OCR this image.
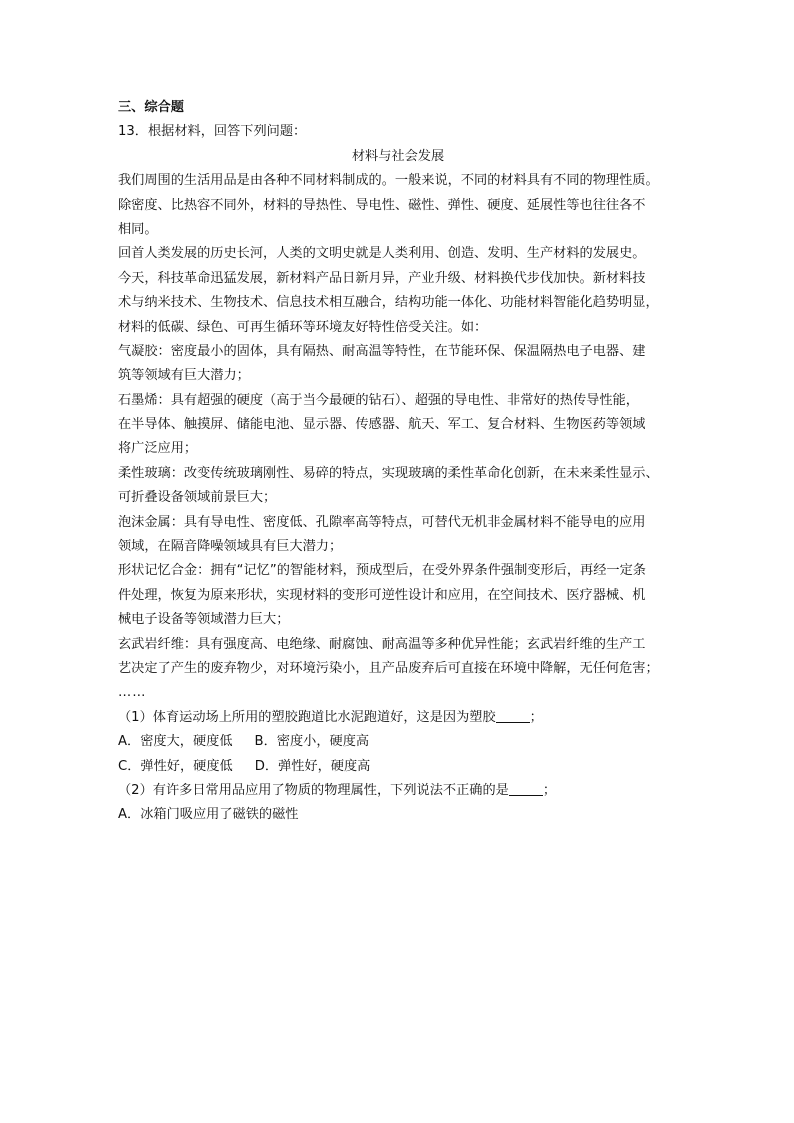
三、综合题
13．根据材料，回答下列问题：
材料与社会发展
我们周围的生活用品是由各种不同材料制成的。一般来说，不同的材料具有不同的物理性质。
除密度、比热容不同外，材料的导热性、导电性、磁性、弹性、硬度、延展性等也往往各不
相同。
回首人类发展的历史长河，人类的文明史就是人类利用、创造、发明、生产材料的发展史。
今天，科技革命迅猛发展，新材料产品日新月异，产业升级、材料换代步伐加快。新材料技
术与纳米技术、生物技术、信息技术相互融合，结构功能一体化、功能材料智能化趋势明显，
材料的低碳、绿色、可再生循环等环境友好特性倍受关注。如：
气凝胶：密度最小的固体，具有隔热、耐高温等特性，在节能环保、保温隔热电子电器、建
筑等领域有巨大潜力；
石墨烯：具有超强的硬度（高于当今最硬的钻石）、超强的导电性、非常好的热传导性能，
在半导体、触摸屏、储能电池、显示器、传感器、航天、军工、复合材料、生物医药等领域
将广泛应用；
柔性玻璃：改变传统玻璃刚性、易碎的特点，实现玻璃的柔性革命化创新，在未来柔性显示、
可折叠设备领域前景巨大；
泡沫金属：具有导电性、密度低、孔隙率高等特点，可替代无机非金属材料不能导电的应用
领域，在隔音降噪领域具有巨大潜力；
形状记忆合金：拥有“记忆”的智能材料，预成型后，在受外界条件强制变形后，再经一定条
件处理，恢复为原来形状，实现材料的变形可逆性设计和应用，在空间技术、医疗器械、机
械电子设备等领域潜力巨大；
玄武岩纤维：具有强度高、电绝缘、耐腐蚀、耐高温等多种优异性能；玄武岩纤维的生产工
艺决定了产生的废弃物少，对环境污染小，且产品废弃后可直接在环境中降解，无任何危害；
……
（1）体育运动场上所用的塑胶跑道比水泥跑道好，这是因为塑胶	；
A．密度大，硬度低 B．密度小，硬度高
C．弹性好，硬度低 D．弹性好，硬度高
（2）有许多日常用品应用了物质的物理属性，下列说法不正确的是	；
A．冰箱门吸应用了磁铁的磁性
